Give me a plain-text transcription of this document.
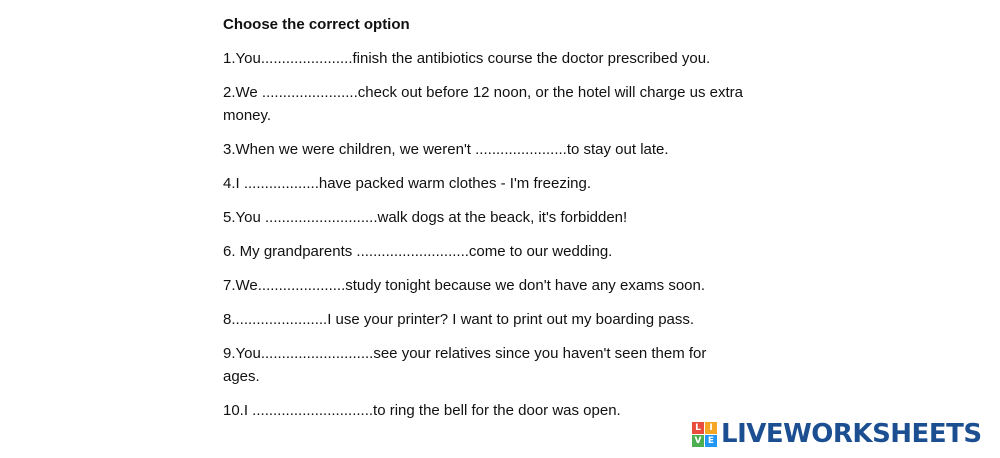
Choose the correct option
1.You......................finish the antibiotics course the doctor prescribed you.
2.We .......................check out before 12 noon, or the hotel will charge us extra money.
3.When we were children, we weren't ......................to stay out late.
4.I ..................have packed warm clothes - I'm freezing.
5.You ...........................walk dogs at the beack, it's forbidden!
6. My grandparents ...........................come to our wedding.
7.We.....................study tonight because we don't have any exams soon.
8.......................I use your printer? I want to print out my boarding pass.
9.You...........................see your relatives since you haven't seen them for ages.
10.I .............................to ring the bell for the door was open.
L I
V E LIVEWORKSHEETS
